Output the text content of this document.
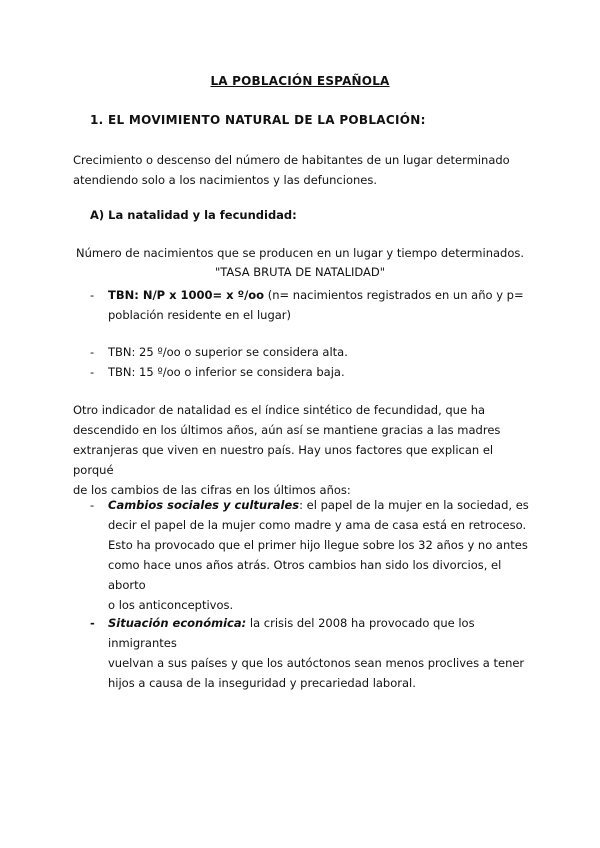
LA POBLACIÓN ESPAÑOLA
1. EL MOVIMIENTO NATURAL DE LA POBLACIÓN:
Crecimiento o descenso del número de habitantes de un lugar determinado
atendiendo solo a los nacimientos y las defunciones.
A) La natalidad y la fecundidad:
Número de nacimientos que se producen en un lugar y tiempo determinados.
"TASA BRUTA DE NATALIDAD"
- TBN: N/P x 1000= x º/oo (n= nacimientos registrados en un año y p=
población residente en el lugar)
- TBN: 25 º/oo o superior se considera alta.
- TBN: 15 º/oo o inferior se considera baja.
Otro indicador de natalidad es el índice sintético de fecundidad, que ha
descendido en los últimos años, aún así se mantiene gracias a las madres
extranjeras que viven en nuestro país. Hay unos factores que explican el porqué
de los cambios de las cifras en los últimos años:
- Cambios sociales y culturales: el papel de la mujer en la sociedad, es
decir el papel de la mujer como madre y ama de casa está en retroceso.
Esto ha provocado que el primer hijo llegue sobre los 32 años y no antes
como hace unos años atrás. Otros cambios han sido los divorcios, el aborto
o los anticonceptivos.
- Situación económica: la crisis del 2008 ha provocado que los inmigrantes
vuelvan a sus países y que los autóctonos sean menos proclives a tener
hijos a causa de la inseguridad y precariedad laboral.
